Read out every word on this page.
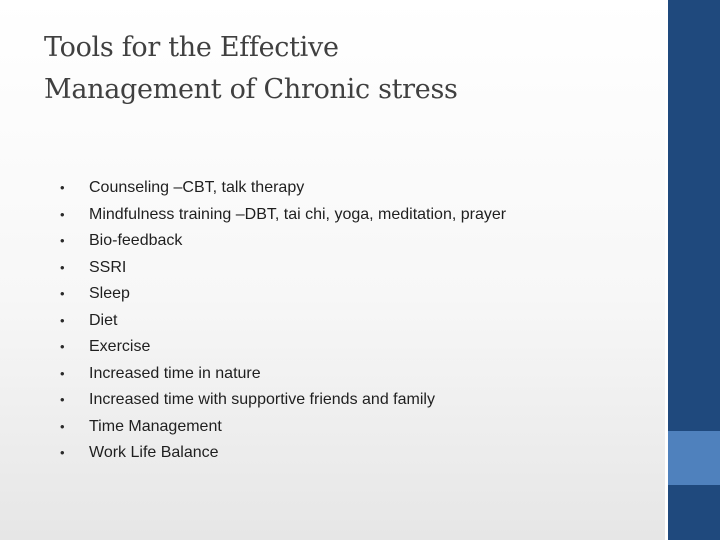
Tools for the Effective
Management of Chronic stress
•	Counseling –CBT, talk therapy
•	Mindfulness training –DBT, tai chi, yoga, meditation, prayer
•	Bio-feedback
•	SSRI
•	Sleep
•	Diet
•	Exercise
•	Increased time in nature
•	Increased time with supportive friends and family
•	Time Management
•	Work Life Balance
